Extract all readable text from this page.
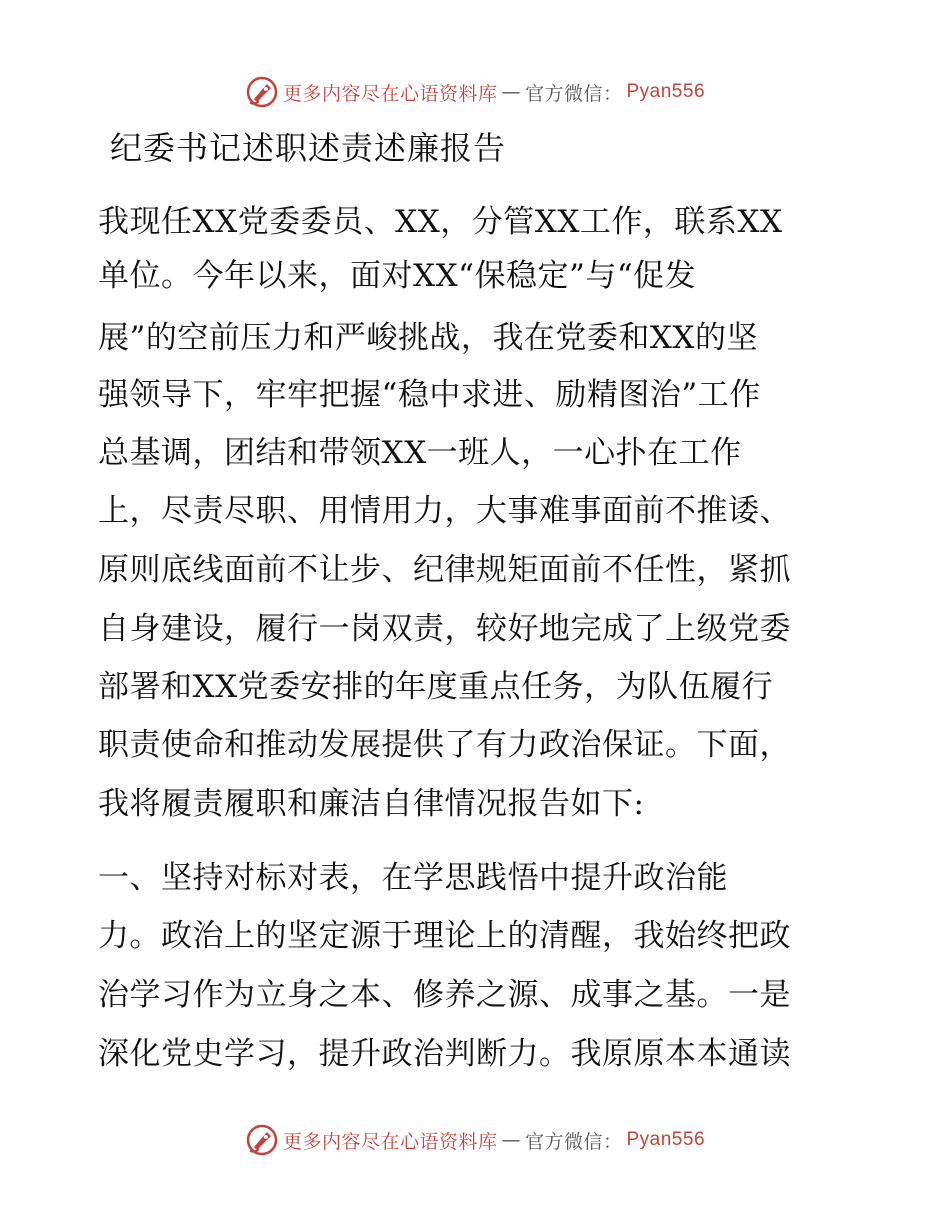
更多内容尽在心语资料库 — 官方微信： Pyan556
纪委书记述职述责述廉报告
我现任XX党委委员、XX，分管XX工作，联系XX
单位。今年以来，面对XX“保稳定”与“促发
展”的空前压力和严峻挑战，我在党委和XX的坚
强领导下，牢牢把握“稳中求进、励精图治”工作
总基调，团结和带领XX一班人，一心扑在工作
上，尽责尽职、用情用力，大事难事面前不推诿、
原则底线面前不让步、纪律规矩面前不任性，紧抓
自身建设，履行一岗双责，较好地完成了上级党委
部署和XX党委安排的年度重点任务，为队伍履行
职责使命和推动发展提供了有力政治保证。下面，
我将履责履职和廉洁自律情况报告如下:
一、坚持对标对表，在学思践悟中提升政治能
力。政治上的坚定源于理论上的清醒，我始终把政
治学习作为立身之本、修养之源、成事之基。一是
深化党史学习，提升政治判断力。我原原本本通读
更多内容尽在心语资料库 — 官方微信： Pyan556
